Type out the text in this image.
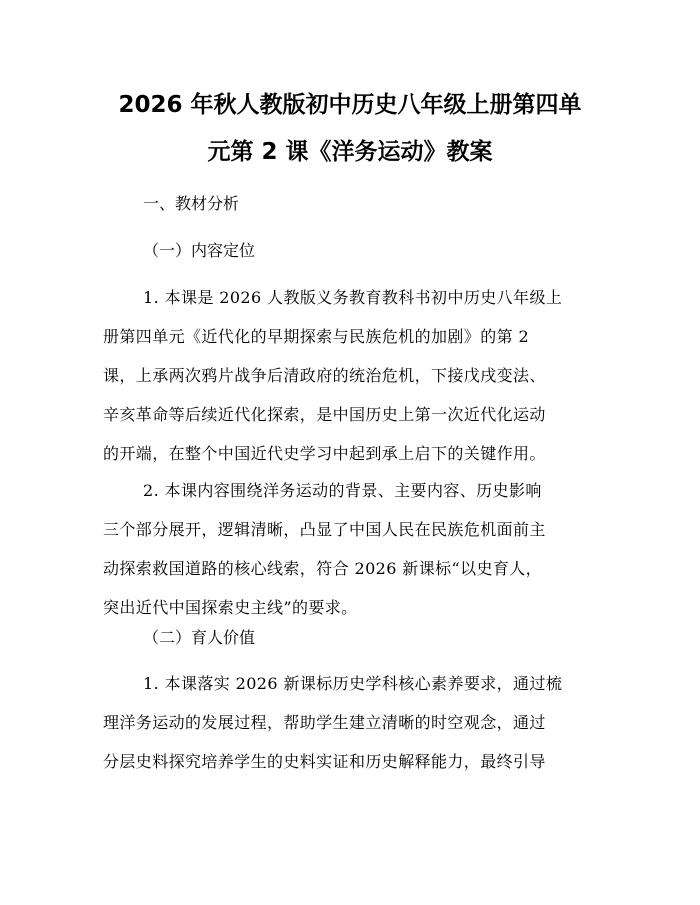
2026 年秋人教版初中历史八年级上册第四单
元第 2 课《洋务运动》教案
一、教材分析
（一）内容定位
1. 本课是 2026 人教版义务教育教科书初中历史八年级上
册第四单元《近代化的早期探索与民族危机的加剧》的第 2
课，上承两次鸦片战争后清政府的统治危机，下接戊戌变法、
辛亥革命等后续近代化探索，是中国历史上第一次近代化运动
的开端，在整个中国近代史学习中起到承上启下的关键作用。
2. 本课内容围绕洋务运动的背景、主要内容、历史影响
三个部分展开，逻辑清晰，凸显了中国人民在民族危机面前主
动探索救国道路的核心线索，符合 2026 新课标“以史育人，
突出近代中国探索史主线”的要求。
（二）育人价值
1. 本课落实 2026 新课标历史学科核心素养要求，通过梳
理洋务运动的发展过程，帮助学生建立清晰的时空观念，通过
分层史料探究培养学生的史料实证和历史解释能力，最终引导
